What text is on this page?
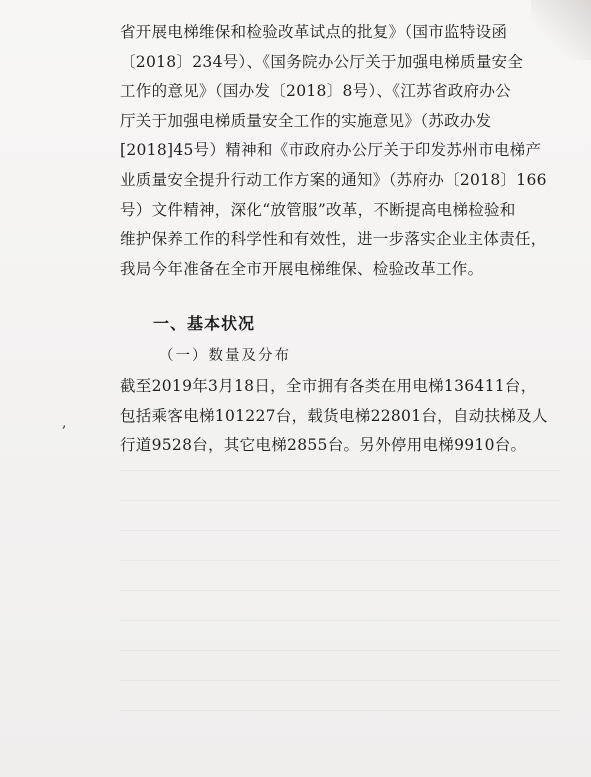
省开展电梯维保和检验改革试点的批复》（国市监特设函
〔2018〕234号）、《国务院办公厅关于加强电梯质量安全
工作的意见》（国办发〔2018〕8号）、《江苏省政府办公
厅关于加强电梯质量安全工作的实施意见》（苏政办发
[2018]45号）精神和《市政府办公厅关于印发苏州市电梯产
业质量安全提升行动工作方案的通知》（苏府办〔2018〕166
号）文件精神，深化“放管服”改革，不断提高电梯检验和
维护保养工作的科学性和有效性，进一步落实企业主体责任，
我局今年准备在全市开展电梯维保、检验改革工作。
一、基本状况
（一）数量及分布
截至2019年3月18日，全市拥有各类在用电梯136411台，
包括乘客电梯101227台，载货电梯22801台，自动扶梯及人
行道9528台，其它电梯2855台。另外停用电梯9910台。
,
